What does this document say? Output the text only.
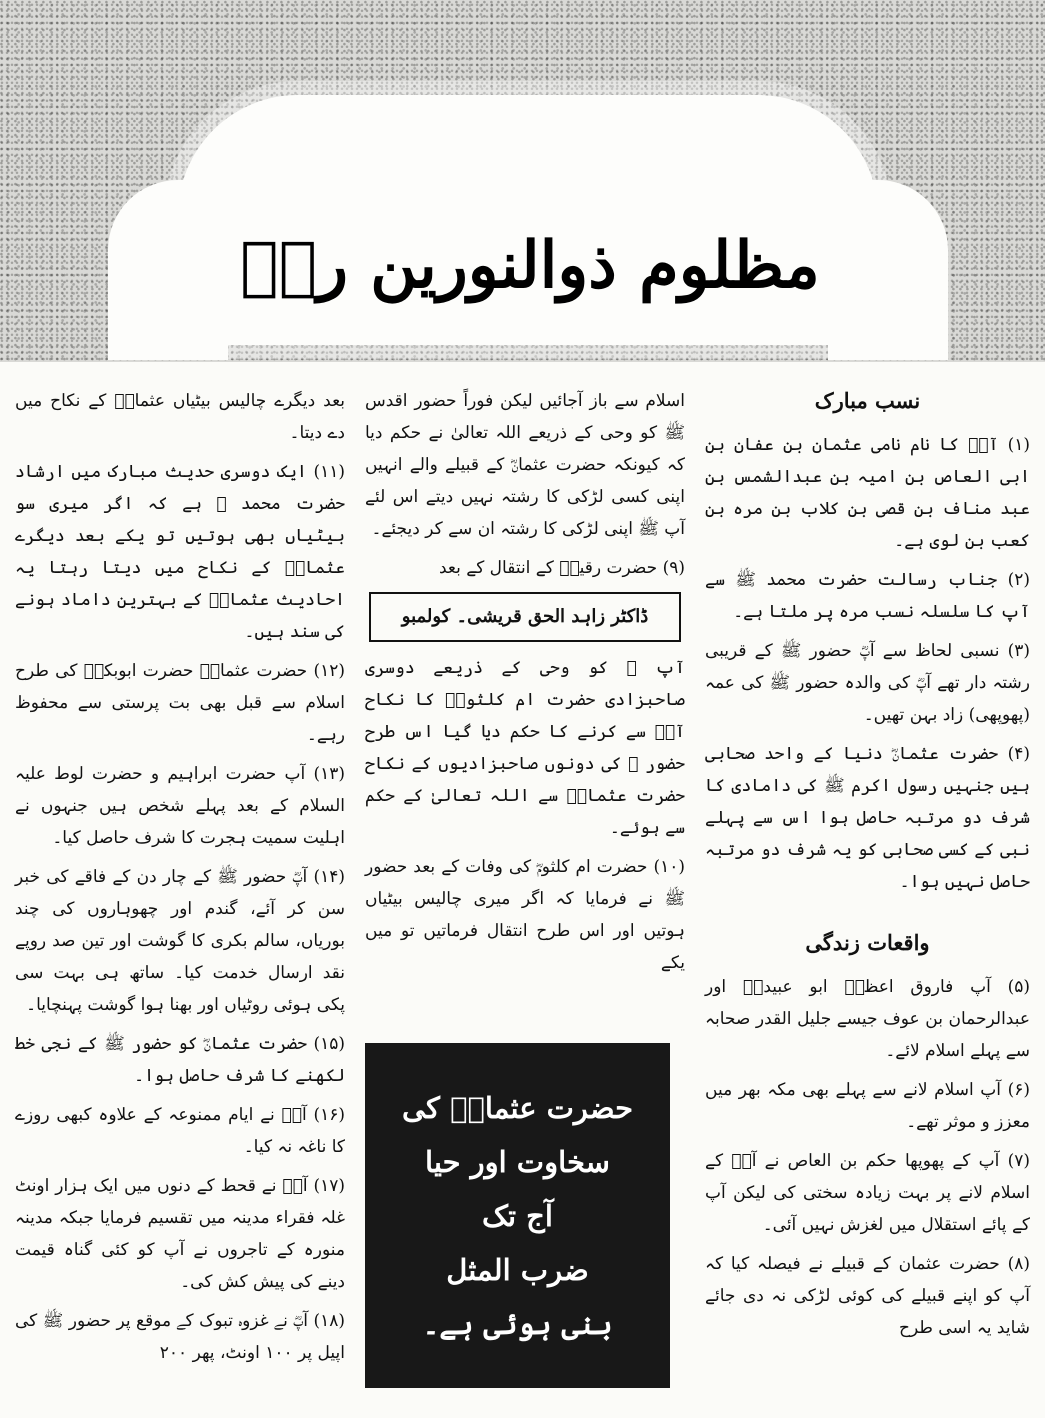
مظلوم ذوالنورین رضؓ
نسب مبارک
(۱) آپؓ کا نام نامی عثمان بن عفان بن ابی العاص بن امیہ بن عبدالشمس بن عبد مناف بن قصی بن کلاب بن مرہ بن کعب بن لوی ہے۔
(۲) جناب رسالت حضرت محمد ﷺ سے آپ کا سلسلہ نسب مرہ پر ملتا ہے۔
(۳) نسبی لحاظ سے آپؓ حضور ﷺ کے قریبی رشتہ دار تھے آپؓ کی والدہ حضور ﷺ کی عمہ (پھوپھی) زاد بہن تھیں۔
(۴) حضرت عثمانؓ دنیا کے واحد صحابی ہیں جنہیں رسول اکرم ﷺ کی دامادی کا شرف دو مرتبہ حاصل ہوا اس سے پہلے نبی کے کسی صحابی کو یہ شرف دو مرتبہ حاصل نہیں ہوا۔
واقعات زندگی
(۵) آپ فاروق اعظمؓ ابو عبیدہؓ اور عبدالرحمان بن عوف جیسے جلیل القدر صحابہ سے پہلے اسلام لائے۔
(۶) آپ اسلام لانے سے پہلے بھی مکہ بھر میں معزز و موثر تھے۔
(۷) آپ کے پھوپھا حکم بن العاص نے آپؓ کے اسلام لانے پر بہت زیادہ سختی کی لیکن آپ کے پائے استقلال میں لغزش نہیں آئی۔
(۸) حضرت عثمان کے قبیلے نے فیصلہ کیا کہ آپ کو اپنے قبیلے کی کوئی لڑکی نہ دی جائے شاید یہ اسی طرح
اسلام سے باز آجائیں لیکن فوراً حضور اقدس ﷺ کو وحی کے ذریعے اللہ تعالیٰ نے حکم دیا کہ کیونکہ حضرت عثمانؓ کے قبیلے والے انہیں اپنی کسی لڑکی کا رشتہ نہیں دیتے اس لئے آپ ﷺ اپنی لڑکی کا رشتہ ان سے کر دیجئے۔
(۹) حضرت رقیہؓ کے انتقال کے بعد
ڈاکٹر زاہد الحق قریشی۔ کولمبو
آپ ﷺ کو وحی کے ذریعے دوسری صاحبزادی حضرت ام کلثومؓ کا نکاح آپؓ سے کرنے کا حکم دیا گیا اس طرح حضور ﷺ کی دونوں صاحبزادیوں کے نکاح حضرت عثمانؓ سے اللہ تعالیٰ کے حکم سے ہوئے۔
(۱۰) حضرت ام کلثومؓ کی وفات کے بعد حضور ﷺ نے فرمایا کہ اگر میری چالیس بیٹیاں ہوتیں اور اس طرح انتقال فرماتیں تو میں یکے
حضرت عثمانؓ کی
سخاوت اور حیا
آج تک
ضرب المثل
بنی ہوئی ہے۔
بعد دیگرے چالیس بیٹیاں عثمانؓ کے نکاح میں دے دیتا۔
(۱۱) ایک دوسری حدیث مبارک میں ارشاد حضرت محمد ﷺ ہے کہ اگر میری سو بیٹیاں بھی ہوتیں تو یکے بعد دیگرے عثمانؓ کے نکاح میں دیتا رہتا یہ احادیث عثمانؓ کے بہترین داماد ہونے کی سند ہیں۔
(۱۲) حضرت عثمانؓ حضرت ابوبکرؓ کی طرح اسلام سے قبل بھی بت پرستی سے محفوظ رہے۔
(۱۳) آپ حضرت ابراہیم و حضرت لوط علیہ السلام کے بعد پہلے شخص ہیں جنہوں نے اہلیت سمیت ہجرت کا شرف حاصل کیا۔
(۱۴) آپؓ حضور ﷺ کے چار دن کے فاقے کی خبر سن کر آئے، گندم اور چھوہاروں کی چند بوریاں، سالم بکری کا گوشت اور تین صد روپے نقد ارسال خدمت کیا۔ ساتھ ہی بہت سی پکی ہوئی روٹیاں اور بھنا ہوا گوشت پہنچایا۔
(۱۵) حضرت عثمانؓ کو حضور ﷺ کے نجی خط لکھنے کا شرف حاصل ہوا۔
(۱۶) آپؓ نے ایام ممنوعہ کے علاوہ کبھی روزے کا ناغہ نہ کیا۔
(۱۷) آپؓ نے قحط کے دنوں میں ایک ہزار اونٹ غلہ فقراء مدینہ میں تقسیم فرمایا جبکہ مدینہ منورہ کے تاجروں نے آپ کو کئی گناہ قیمت دینے کی پیش کش کی۔
(۱۸) آپؓ نے غزوہ تبوک کے موقع پر حضور ﷺ کی اپیل پر ۱۰۰ اونٹ، پھر ۲۰۰
